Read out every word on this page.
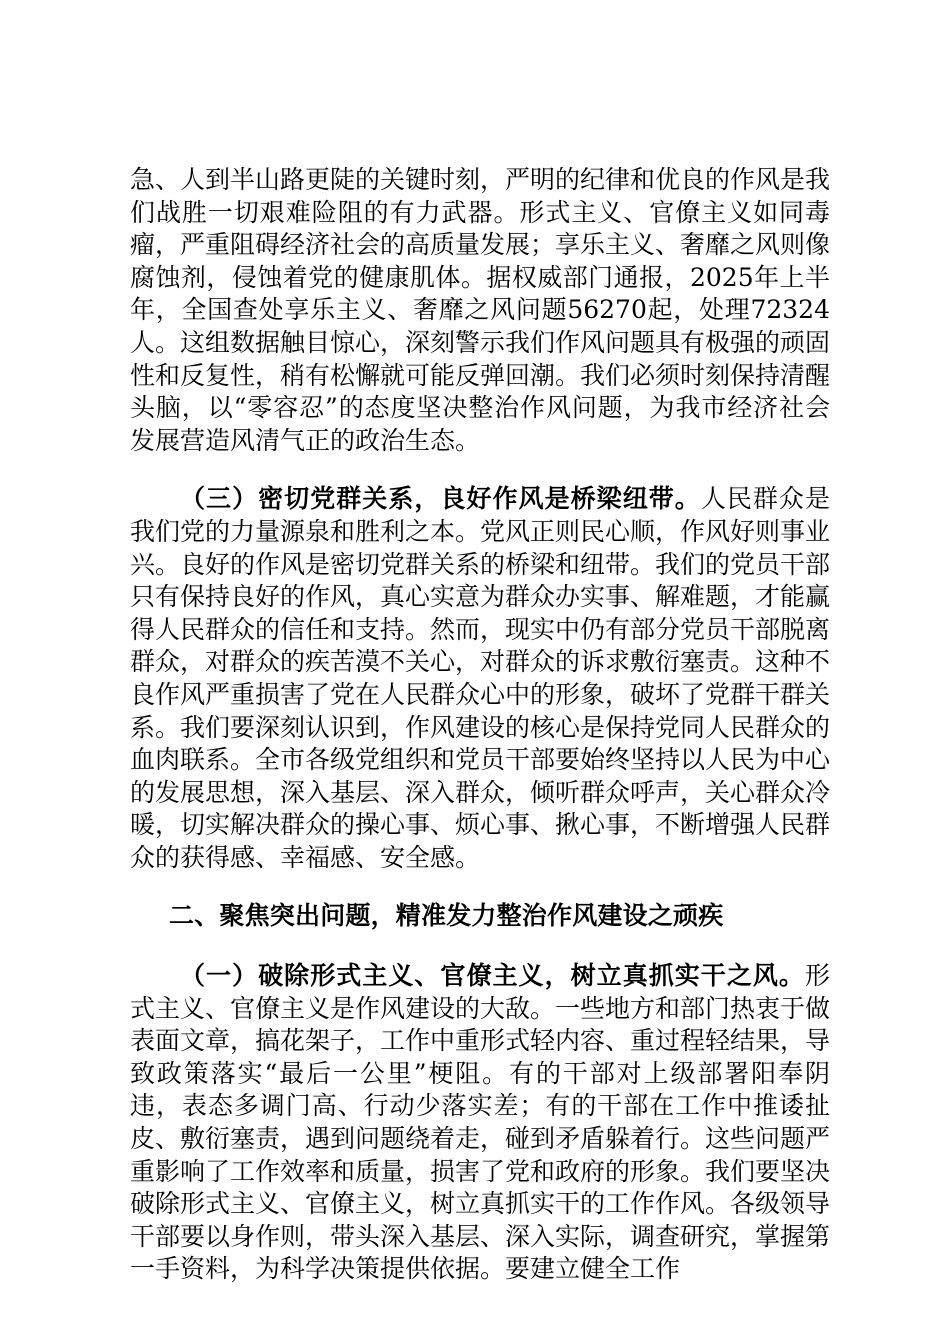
急、人到半山路更陡的关键时刻，严明的纪律和优良的作风是我们战胜一切艰难险阻的有力武器。形式主义、官僚主义如同毒瘤，严重阻碍经济社会的高质量发展；享乐主义、奢靡之风则像腐蚀剂，侵蚀着党的健康肌体。据权威部门通报，2025年上半年，全国查处享乐主义、奢靡之风问题56270起，处理72324人。这组数据触目惊心，深刻警示我们作风问题具有极强的顽固性和反复性，稍有松懈就可能反弹回潮。我们必须时刻保持清醒头脑，以“零容忍”的态度坚决整治作风问题，为我市经济社会发展营造风清气正的政治生态。

（三）密切党群关系，良好作风是桥梁纽带。人民群众是我们党的力量源泉和胜利之本。党风正则民心顺，作风好则事业兴。良好的作风是密切党群关系的桥梁和纽带。我们的党员干部只有保持良好的作风，真心实意为群众办实事、解难题，才能赢得人民群众的信任和支持。然而，现实中仍有部分党员干部脱离群众，对群众的疾苦漠不关心，对群众的诉求敷衍塞责。这种不良作风严重损害了党在人民群众心中的形象，破坏了党群干群关系。我们要深刻认识到，作风建设的核心是保持党同人民群众的血肉联系。全市各级党组织和党员干部要始终坚持以人民为中心的发展思想，深入基层、深入群众，倾听群众呼声，关心群众冷暖，切实解决群众的操心事、烦心事、揪心事，不断增强人民群众的获得感、幸福感、安全感。

二、聚焦突出问题，精准发力整治作风建设之顽疾

（一）破除形式主义、官僚主义，树立真抓实干之风。形式主义、官僚主义是作风建设的大敌。一些地方和部门热衷于做表面文章，搞花架子，工作中重形式轻内容、重过程轻结果，导致政策落实“最后一公里”梗阻。有的干部对上级部署阳奉阴违，表态多调门高、行动少落实差；有的干部在工作中推诿扯皮、敷衍塞责，遇到问题绕着走，碰到矛盾躲着行。这些问题严重影响了工作效率和质量，损害了党和政府的形象。我们要坚决破除形式主义、官僚主义，树立真抓实干的工作作风。各级领导干部要以身作则，带头深入基层、深入实际，调查研究，掌握第一手资料，为科学决策提供依据。要建立健全工作
